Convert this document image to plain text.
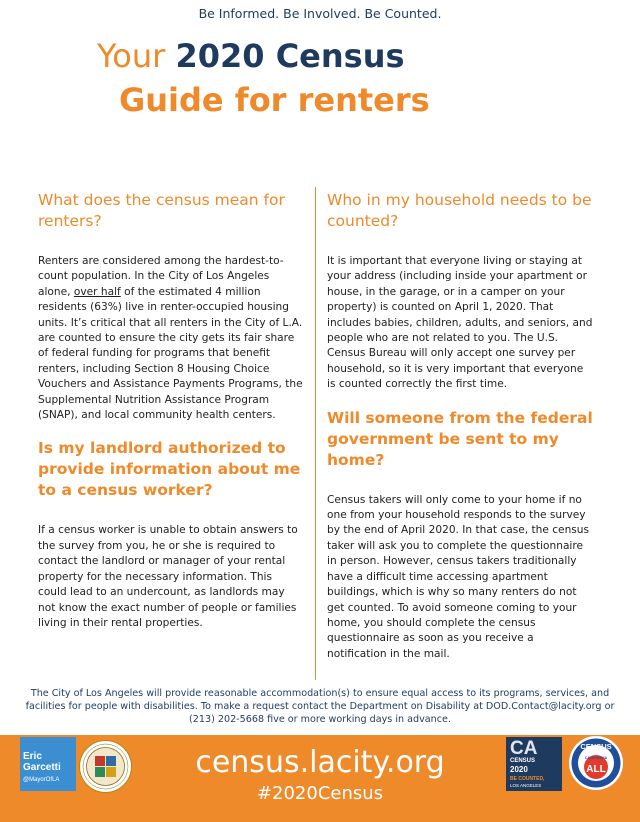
Be Informed. Be Involved. Be Counted.
Your 2020 Census
Guide for renters
What does the census mean for renters?

Renters are considered among the hardest-to-count population. In the City of Los Angeles alone, over half of the estimated 4 million residents (63%) live in renter-occupied housing units. It’s critical that all renters in the City of L.A. are counted to ensure the city gets its fair share of federal funding for programs that benefit renters, including Section 8 Housing Choice Vouchers and Assistance Payments Programs, the Supplemental Nutrition Assistance Program (SNAP), and local community health centers.

Is my landlord authorized to provide information about me to a census worker?

If a census worker is unable to obtain answers to the survey from you, he or she is required to contact the landlord or manager of your rental property for the necessary information. This could lead to an undercount, as landlords may not know the exact number of people or families living in their rental properties.

Who in my household needs to be counted?

It is important that everyone living or staying at your address (including inside your apartment or house, in the garage, or in a camper on your property) is counted on April 1, 2020. That includes babies, children, adults, and seniors, and people who are not related to you. The U.S. Census Bureau will only accept one survey per household, so it is very important that everyone is counted correctly the first time.

Will someone from the federal government be sent to my home?

Census takers will only come to your home if no one from your household responds to the survey by the end of April 2020. In that case, the census taker will ask you to complete the questionnaire in person. However, census takers traditionally have a difficult time accessing apartment buildings, which is why so many renters do not get counted. To avoid someone coming to your home, you should complete the census questionnaire as soon as you receive a notification in the mail.

The City of Los Angeles will provide reasonable accommodation(s) to ensure equal access to its programs, services, and facilities for people with disabilities. To make a request contact the Department on Disability at DOD.Contact@lacity.org or (213) 202-5668 five or more working days in advance.
Eric
Garcetti
@MayorOfLA	census.lacity.org
#2020Census
CA
CENSUS
2020
BE COUNTED,
LOS ANGELES
CENSUS
CALIFORNIA
ALL
